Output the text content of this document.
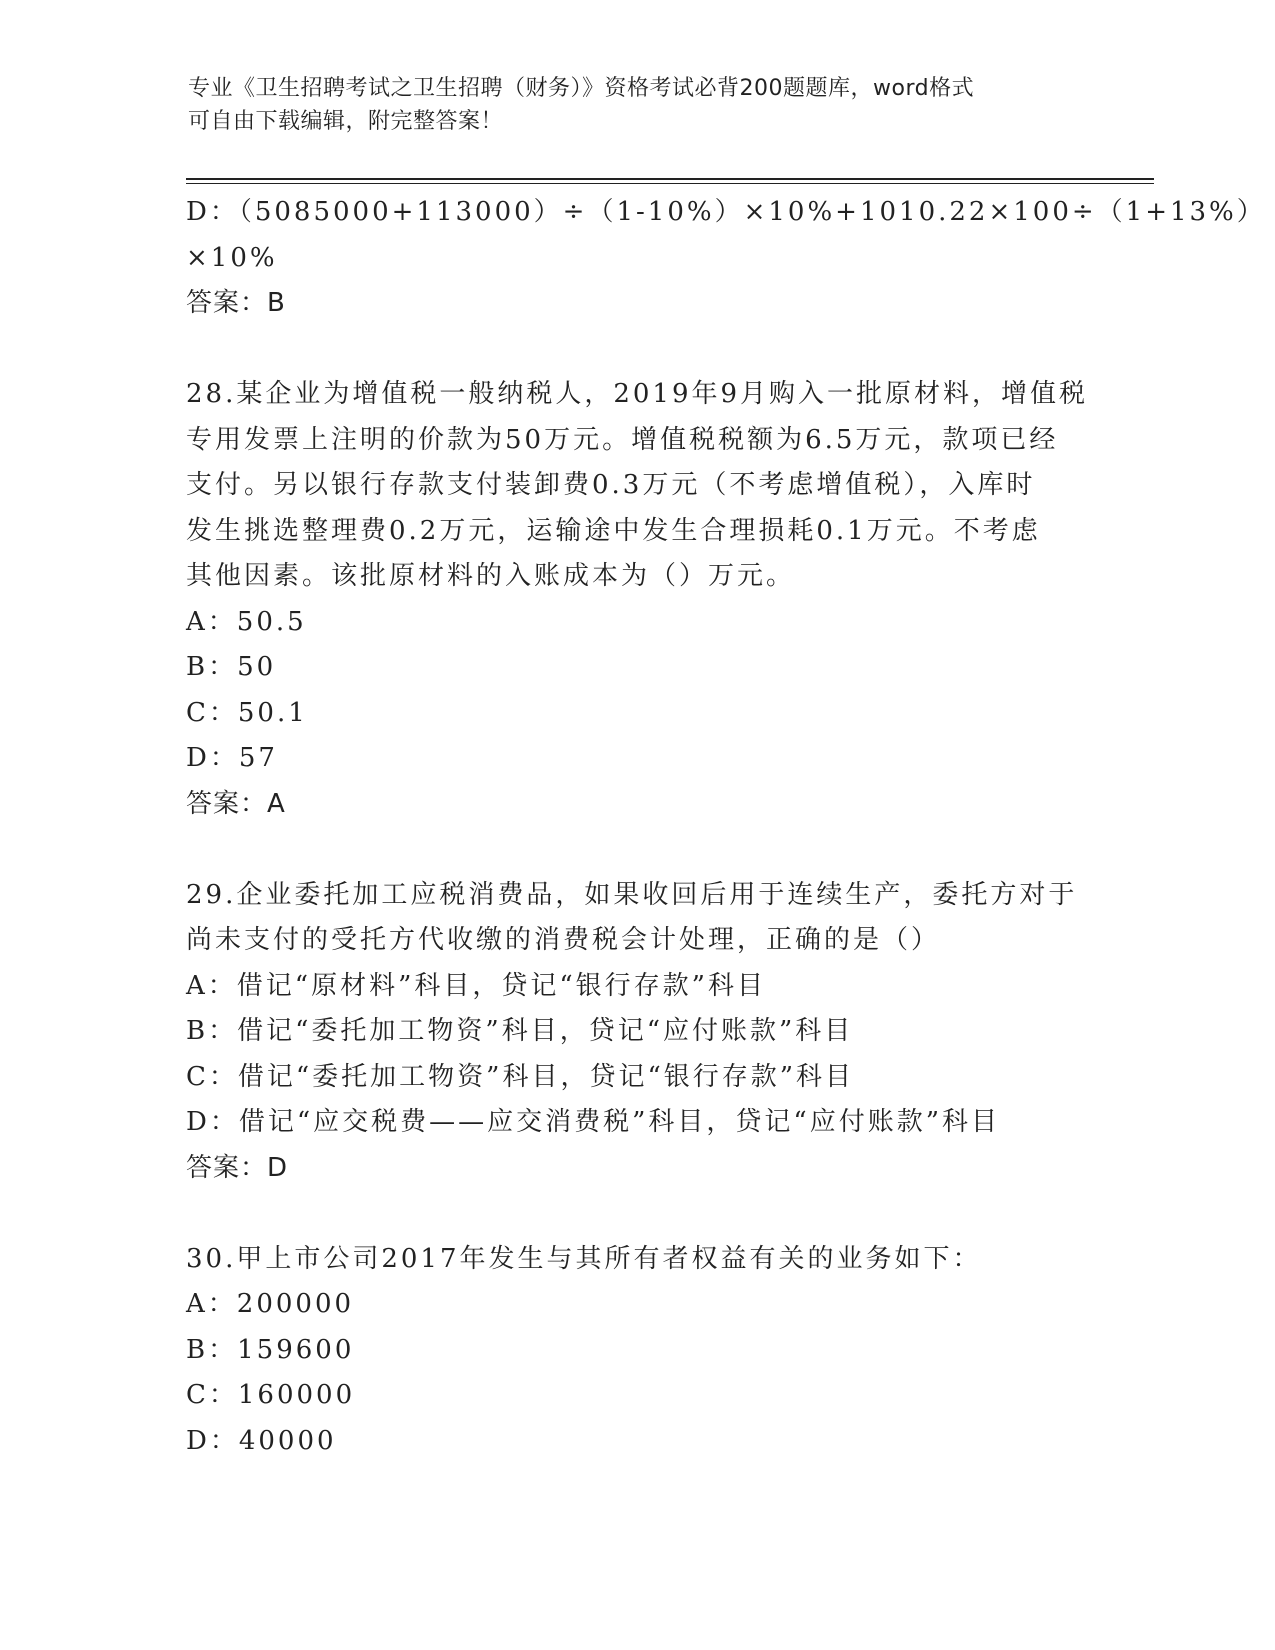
专业《卫生招聘考试之卫生招聘（财务）》资格考试必背200题题库，word格式
可自由下载编辑，附完整答案！
D：（5085000+113000）÷（1-10%）×10%+1010.22×100÷（1+13%）
×10%
答案：B
28.某企业为增值税一般纳税人，2019年9月购入一批原材料，增值税
专用发票上注明的价款为50万元。增值税税额为6.5万元，款项已经
支付。另以银行存款支付装卸费0.3万元（不考虑增值税），入库时
发生挑选整理费0.2万元，运输途中发生合理损耗0.1万元。不考虑
其他因素。该批原材料的入账成本为（）万元。
A：50.5
B：50
C：50.1
D：57
答案：A
29.企业委托加工应税消费品，如果收回后用于连续生产，委托方对于
尚未支付的受托方代收缴的消费税会计处理，正确的是（）
A：借记“原材料”科目，贷记“银行存款”科目
B：借记“委托加工物资”科目，贷记“应付账款”科目
C：借记“委托加工物资”科目，贷记“银行存款”科目
D：借记“应交税费——应交消费税”科目，贷记“应付账款”科目
答案：D
30.甲上市公司2017年发生与其所有者权益有关的业务如下：
A：200000
B：159600
C：160000
D：40000
